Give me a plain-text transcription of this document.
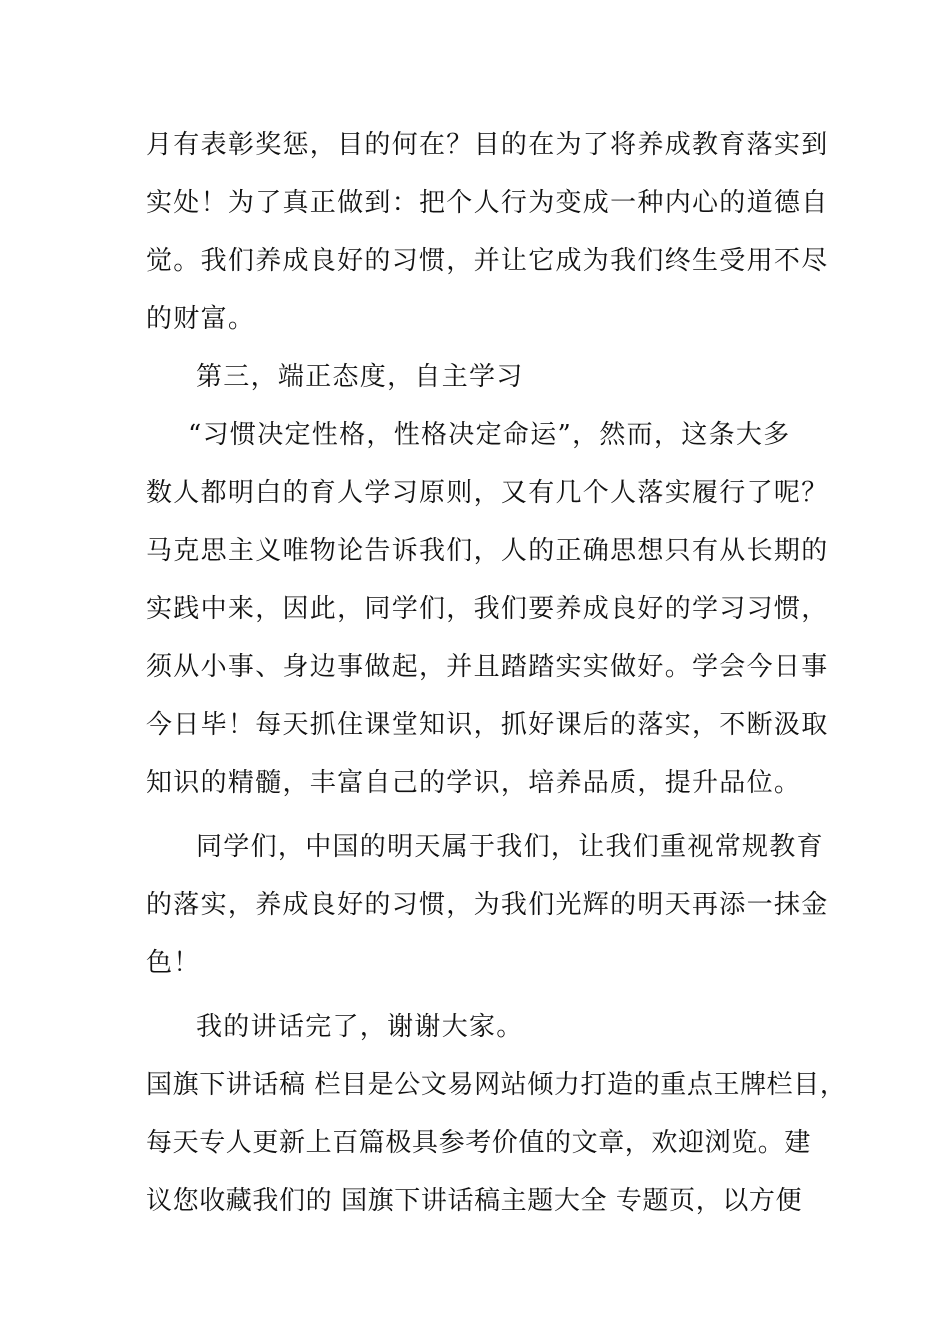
月有表彰奖惩，目的何在？目的在为了将养成教育落实到
实处！为了真正做到：把个人行为变成一种内心的道德自
觉。我们养成良好的习惯，并让它成为我们终生受用不尽
的财富。
第三，端正态度，自主学习
“习惯决定性格，性格决定命运”，然而，这条大多
数人都明白的育人学习原则，又有几个人落实履行了呢？
马克思主义唯物论告诉我们，人的正确思想只有从长期的
实践中来，因此，同学们，我们要养成良好的学习习惯，
须从小事、身边事做起，并且踏踏实实做好。学会今日事
今日毕！每天抓住课堂知识，抓好课后的落实，不断汲取
知识的精髓，丰富自己的学识，培养品质，提升品位。
同学们，中国的明天属于我们，让我们重视常规教育
的落实，养成良好的习惯，为我们光辉的明天再添一抹金
色！
我的讲话完了，谢谢大家。
国旗下讲话稿 栏目是公文易网站倾力打造的重点王牌栏目，
每天专人更新上百篇极具参考价值的文章，欢迎浏览。建
议您收藏我们的 国旗下讲话稿主题大全 专题页，以方便
